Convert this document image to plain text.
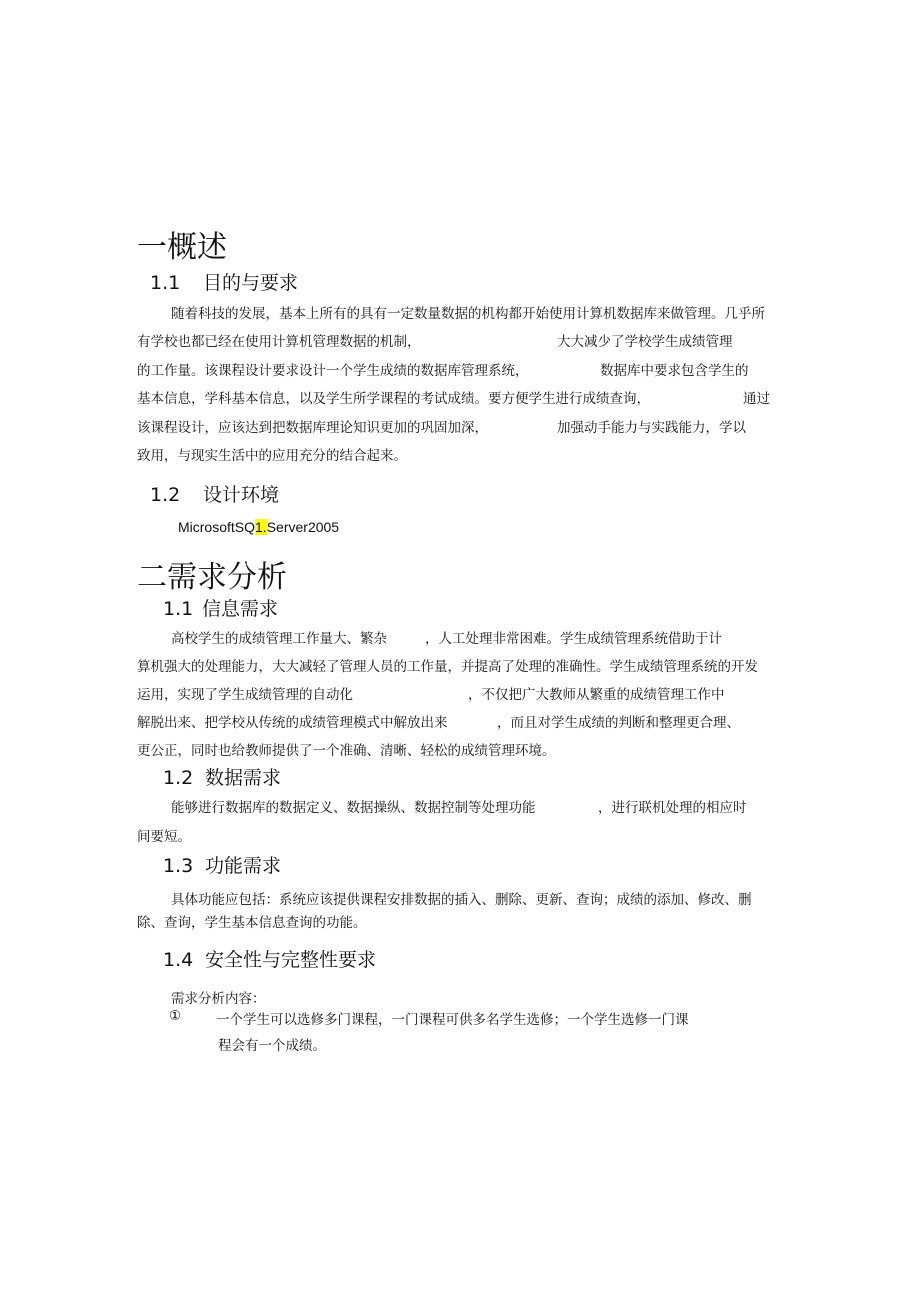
一概述
1.1 目的与要求
随着科技的发展，基本上所有的具有一定数量数据的机构都开始使用计算机数据库来做管理。几乎所
有学校也都已经在使用计算机管理数据的机制，	大大减少了学校学生成绩管理
的工作量。该课程设计要求设计一个学生成绩的数据库管理系统，	数据库中要求包含学生的
基本信息，学科基本信息，以及学生所学课程的考试成绩。要方便学生进行成绩查询，	通过
该课程设计，应该达到把数据库理论知识更加的巩固加深，	加强动手能力与实践能力，学以
致用，与现实生活中的应用充分的结合起来。
1.2 设计环境
MicrosoftSQ1.Server2005
二需求分析
1.1 信息需求
高校学生的成绩管理工作量大、繁杂	，人工处理非常困难。学生成绩管理系统借助于计
算机强大的处理能力，大大减轻了管理人员的工作量，并提高了处理的准确性。学生成绩管理系统的开发
运用，实现了学生成绩管理的自动化	，不仅把广大教师从繁重的成绩管理工作中
解脱出来、把学校从传统的成绩管理模式中解放出来	，而且对学生成绩的判断和整理更合理、
更公正，同时也给教师提供了一个准确、清晰、轻松的成绩管理环境。
1.2 数据需求
能够进行数据库的数据定义、数据操纵、数据控制等处理功能	，进行联机处理的相应时
间要短。
1.3 功能需求
具体功能应包括：系统应该提供课程安排数据的插入、删除、更新、查询；成绩的添加、修改、删
除、查询，学生基本信息查询的功能。
1.4 安全性与完整性要求
需求分析内容：
①	一个学生可以选修多门课程，一门课程可供多名学生选修；一个学生选修一门课
程会有一个成绩。
